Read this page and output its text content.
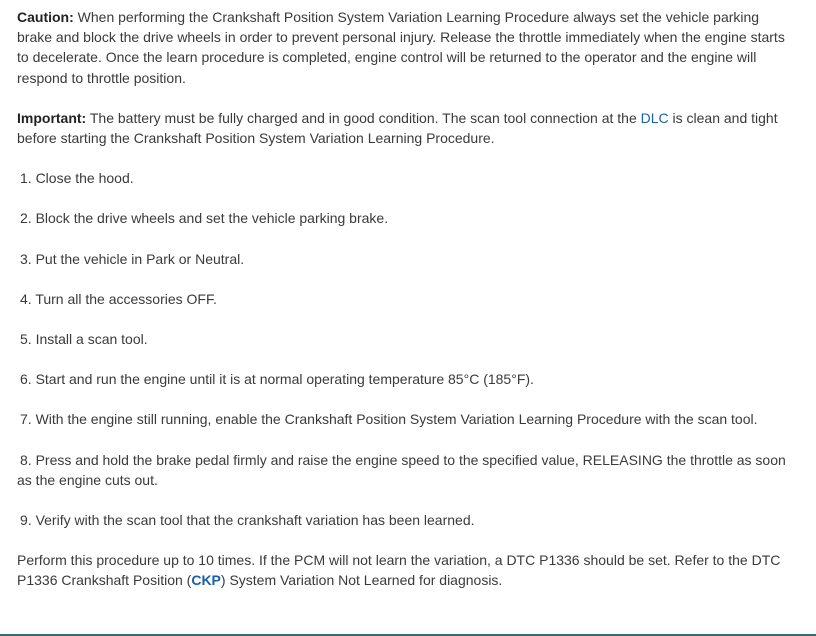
Caution: When performing the Crankshaft Position System Variation Learning Procedure always set the vehicle parking brake and block the drive wheels in order to prevent personal injury. Release the throttle immediately when the engine starts to decelerate. Once the learn procedure is completed, engine control will be returned to the operator and the engine will respond to throttle position.

Important: The battery must be fully charged and in good condition. The scan tool connection at the DLC is clean and tight before starting the Crankshaft Position System Variation Learning Procedure.

1. Close the hood.

2. Block the drive wheels and set the vehicle parking brake.

3. Put the vehicle in Park or Neutral.

4. Turn all the accessories OFF.

5. Install a scan tool.

6. Start and run the engine until it is at normal operating temperature 85°C (185°F).

7. With the engine still running, enable the Crankshaft Position System Variation Learning Procedure with the scan tool.

8. Press and hold the brake pedal firmly and raise the engine speed to the specified value, RELEASING the throttle as soon as the engine cuts out.

9. Verify with the scan tool that the crankshaft variation has been learned.

Perform this procedure up to 10 times. If the PCM will not learn the variation, a DTC P1336 should be set. Refer to the DTC P1336 Crankshaft Position (CKP) System Variation Not Learned for diagnosis.
